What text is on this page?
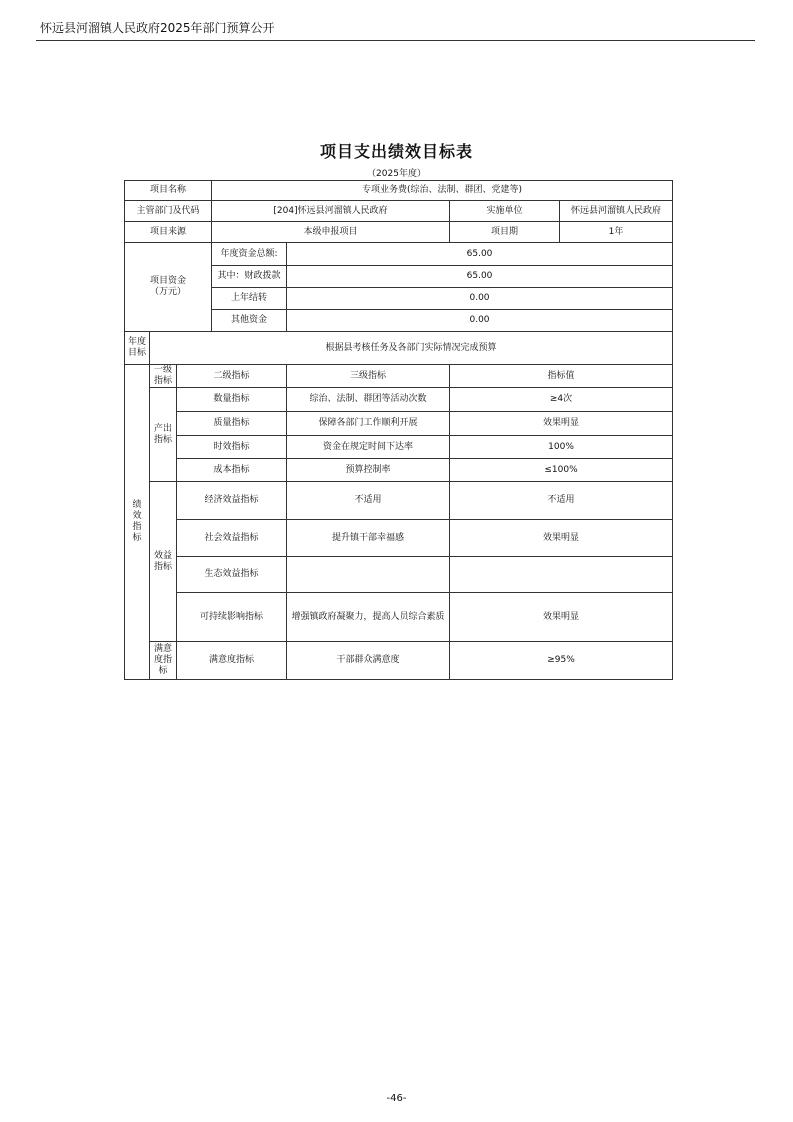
怀远县河溜镇人民政府2025年部门预算公开
项目支出绩效目标表
（2025年度）
项目名称			专项业务费(综治、法制、群团、党建等)			
主管部门及代码			[204]怀远县河溜镇人民政府		实施单位	怀远县河溜镇人民政府
项目来源			本级申报项目		项目期	1年

项目资金
（万元）			年度资金总额:	65.00		
			其中：财政拨款	65.00		
			上年结转	0.00		
			其他资金	0.00		

年度
目标	根据县考核任务及各部门实际情况完成预算					

绩效指标	一级指标	二级指标		三级指标	指标值	

	产出指标	数量指标		综治、法制、群团等活动次数	≥4次	
		质量指标		保障各部门工作顺利开展	效果明显	
		时效指标		资金在规定时间下达率	100%	
		成本指标		预算控制率	≤100%	

	效益指标	经济效益指标		不适用	不适用	
		社会效益指标		提升镇干部幸福感	效果明显	
		生态效益指标				
		可持续影响指标		增强镇政府凝聚力，提高人员综合素质	效果明显	
	满意度指标	满意度指标		干部群众满意度	≥95%	
-46-
